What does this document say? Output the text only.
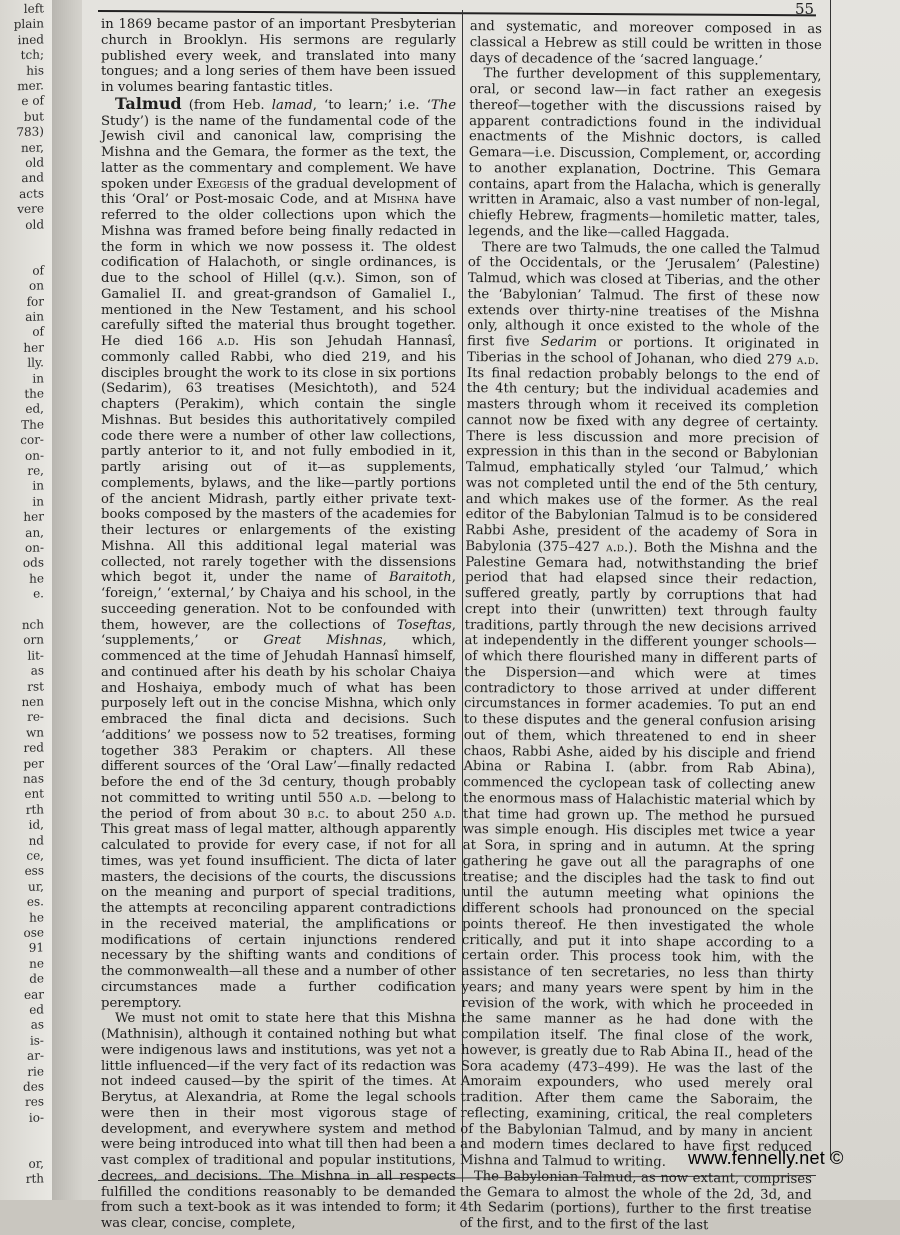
left
plain
ined
tch;
his
mer.
e of
but
783)
ner,
old
and
acts
vere
old
of
on
for
ain
of
her
lly.
in
the
ed,
The
cor-
on-
re,
in
in
her
an,
on-
ods
he
e.
nch
orn
lit-
as
rst
nen
re-
wn
red
per
nas
ent
rth
id,
nd
ce,
ess
ur,
es.
he
ose
91
ne
de
ear
ed
as
is-
ar-
rie
des
res
io-
or,
rth
55

in 1869 became pastor of an important Presbyterian church in Brooklyn. His sermons are regularly published every week, and translated into many tongues; and a long series of them have been issued in volumes bearing fantastic titles.

Talmud (from Heb. lamad, ‘to learn;’ i.e. ‘The Study’) is the name of the fundamental code of the Jewish civil and canonical law, comprising the Mishna and the Gemara, the former as the text, the latter as the commentary and complement. We have spoken under Exegesis of the gradual development of this ‘Oral’ or Post-mosaic Code, and at Mishna have referred to the older collections upon which the Mishna was framed before being finally redacted in the form in which we now possess it. The oldest codification of Halachoth, or single ordinances, is due to the school of Hillel (q.v.). Simon, son of Gamaliel II. and great-grandson of Gamaliel I., mentioned in the New Testament, and his school carefully sifted the material thus brought together. He died 166 a.d. His son Jehudah Hannasî, commonly called Rabbi, who died 219, and his disciples brought the work to its close in six portions (Sedarim), 63 treatises (Mesichtoth), and 524 chapters (Perakim), which contain the single Mishnas. But besides this authoritatively compiled code there were a number of other law collections, partly anterior to it, and not fully embodied in it, partly arising out of it—as supplements, complements, bylaws, and the like—partly portions of the ancient Midrash, partly either private text-books composed by the masters of the academies for their lectures or enlargements of the existing Mishna. All this additional legal material was collected, not rarely together with the dissensions which begot it, under the name of Baraitoth, ‘foreign,’ ‘external,’ by Chaiya and his school, in the succeeding generation. Not to be confounded with them, however, are the collections of Toseftas, ‘supplements,’ or Great Mishnas, which, commenced at the time of Jehudah Hannasî himself, and continued after his death by his scholar Chaiya and Hoshaiya, embody much of what has been purposely left out in the concise Mishna, which only embraced the final dicta and decisions. Such ‘additions’ we possess now to 52 treatises, forming together 383 Perakim or chapters. All these different sources of the ‘Oral Law’—finally redacted before the end of the 3d century, though probably not committed to writing until 550 a.d. —belong to the period of from about 30 b.c. to about 250 a.d. This great mass of legal matter, although apparently calculated to provide for every case, if not for all times, was yet found insufficient. The dicta of later masters, the decisions of the courts, the discussions on the meaning and purport of special traditions, the attempts at reconciling apparent contradictions in the received material, the amplifications or modifications of certain injunctions rendered necessary by the shifting wants and conditions of the commonwealth—all these and a number of other circumstances made a further codification peremptory.

We must not omit to state here that this Mishna (Mathnisin), although it contained nothing but what were indigenous laws and institutions, was yet not a little influenced—if the very fact of its redaction was not indeed caused—by the spirit of the times. At Berytus, at Alexandria, at Rome the legal schools were then in their most vigorous stage of development, and everywhere system and method were being introduced into what till then had been a vast complex of traditional and popular institutions, decrees, and decisions. The Mishna in all respects fulfilled the conditions reasonably to be demanded from such a text-book as it was intended to form; it was clear, concise, complete,

and systematic, and moreover composed in as classical a Hebrew as still could be written in those days of decadence of the ‘sacred language.’

The further development of this supplementary, oral, or second law—in fact rather an exegesis thereof—together with the discussions raised by apparent contradictions found in the individual enactments of the Mishnic doctors, is called Gemara—i.e. Discussion, Complement, or, according to another explanation, Doctrine. This Gemara contains, apart from the Halacha, which is generally written in Aramaic, also a vast number of non-legal, chiefly Hebrew, fragments—homiletic matter, tales, legends, and the like—called Haggada.

There are two Talmuds, the one called the Talmud of the Occidentals, or the ‘Jerusalem’ (Palestine) Talmud, which was closed at Tiberias, and the other the ‘Babylonian’ Talmud. The first of these now extends over thirty-nine treatises of the Mishna only, although it once existed to the whole of the first five Sedarim or portions. It originated in Tiberias in the school of Johanan, who died 279 a.d. Its final redaction probably belongs to the end of the 4th century; but the individual academies and masters through whom it received its completion cannot now be fixed with any degree of certainty. There is less discussion and more precision of expression in this than in the second or Babylonian Talmud, emphatically styled ‘our Talmud,’ which was not completed until the end of the 5th century, and which makes use of the former. As the real editor of the Babylonian Talmud is to be considered Rabbi Ashe, president of the academy of Sora in Babylonia (375–427 a.d.). Both the Mishna and the Palestine Gemara had, notwithstanding the brief period that had elapsed since their redaction, suffered greatly, partly by corruptions that had crept into their (unwritten) text through faulty traditions, partly through the new decisions arrived at independently in the different younger schools—of which there flourished many in different parts of the Dispersion—and which were at times contradictory to those arrived at under different circumstances in former academies. To put an end to these disputes and the general confusion arising out of them, which threatened to end in sheer chaos, Rabbi Ashe, aided by his disciple and friend Abina or Rabina I. (abbr. from Rab Abina), commenced the cyclopean task of collecting anew the enormous mass of Halachistic material which by that time had grown up. The method he pursued was simple enough. His disciples met twice a year at Sora, in spring and in autumn. At the spring gathering he gave out all the paragraphs of one treatise; and the disciples had the task to find out until the autumn meeting what opinions the different schools had pronounced on the special points thereof. He then investigated the whole critically, and put it into shape according to a certain order. This process took him, with the assistance of ten secretaries, no less than thirty years; and many years were spent by him in the revision of the work, with which he proceeded in the same manner as he had done with the compilation itself. The final close of the work, however, is greatly due to Rab Abina II., head of the Sora academy (473–499). He was the last of the Amoraim expounders, who used merely oral tradition. After them came the Saboraim, the reflecting, examining, critical, the real completers of the Babylonian Talmud, and by many in ancient and modern times declared to have first reduced Mishna and Talmud to writing.

The Babylonian Talmud, as now extant, comprises the Gemara to almost the whole of the 2d, 3d, and 4th Sedarim (portions), further to the first treatise of the first, and to the first of the last

www.fennelly.net ©
